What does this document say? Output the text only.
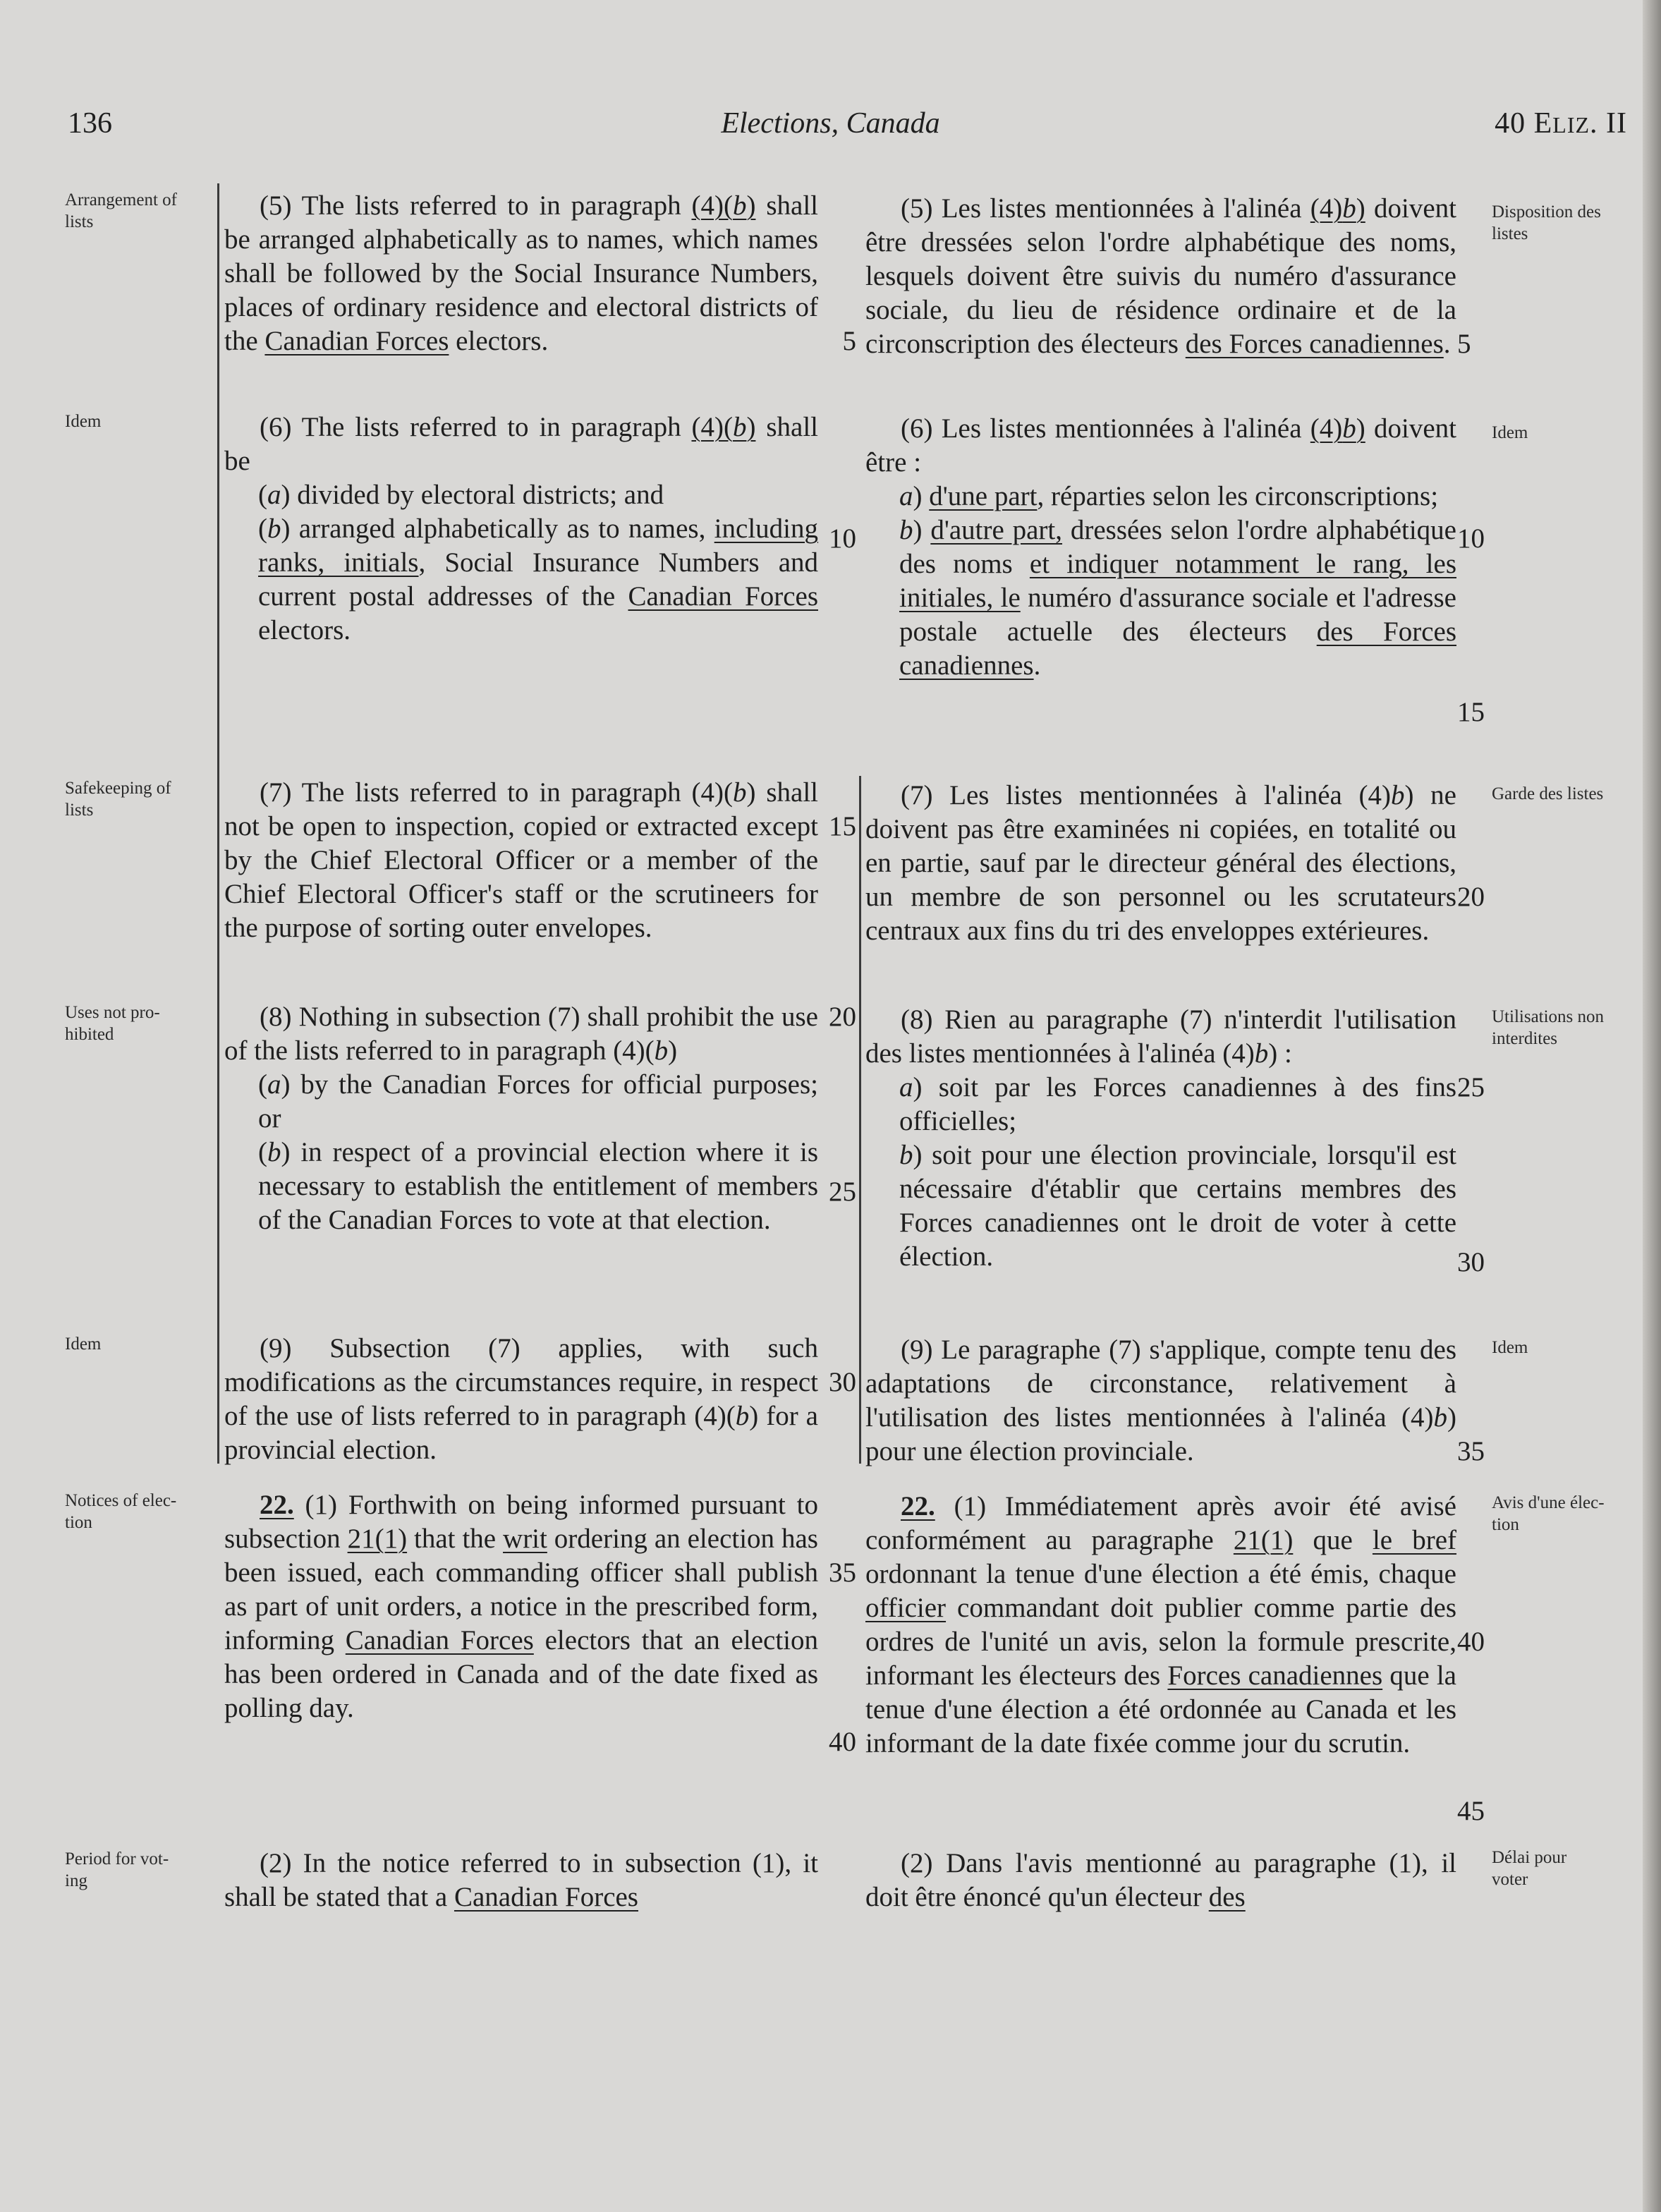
136	Elections, Canada	40 ELIZ. II
Arrangement of
lists
Idem
Safekeeping of
lists
Uses not pro-
hibited
Idem
Notices of elec-
tion
Period for vot-
ing
Disposition des
listes
Idem
Garde des listes
Utilisations non
interdites
Idem
Avis d'une élec-
tion
Délai pour
voter

(5) The lists referred to in paragraph (4)(b) shall be arranged alphabetically as to names, which names shall be followed by the Social Insurance Numbers, places of ordinary residence and electoral districts of the Canadian Forces electors.

(6) The lists referred to in paragraph (4)(b) shall be

(a) divided by electoral districts; and

(b) arranged alphabetically as to names, including ranks, initials, Social Insurance Numbers and current postal addresses of the Canadian Forces electors.

(7) The lists referred to in paragraph (4)(b) shall not be open to inspection, copied or extracted except by the Chief Electoral Officer or a member of the Chief Electoral Officer's staff or the scrutineers for the purpose of sorting outer envelopes.

(8) Nothing in subsection (7) shall prohibit the use of the lists referred to in paragraph (4)(b)

(a) by the Canadian Forces for official purposes; or

(b) in respect of a provincial election where it is necessary to establish the entitlement of members of the Canadian Forces to vote at that election.

(9) Subsection (7) applies, with such modifications as the circumstances require, in respect of the use of lists referred to in paragraph (4)(b) for a provincial election.

22. (1) Forthwith on being informed pursuant to subsection 21(1) that the writ ordering an election has been issued, each commanding officer shall publish as part of unit orders, a notice in the prescribed form, informing Canadian Forces electors that an election has been ordered in Canada and of the date fixed as polling day.

(2) In the notice referred to in subsection (1), it shall be stated that a Canadian Forces

(5) Les listes mentionnées à l'alinéa (4)b) doivent être dressées selon l'ordre alphabétique des noms, lesquels doivent être suivis du numéro d'assurance sociale, du lieu de résidence ordinaire et de la circonscription des électeurs des Forces canadiennes.

(6) Les listes mentionnées à l'alinéa (4)b) doivent être :

a) d'une part, réparties selon les circonscriptions;

b) d'autre part, dressées selon l'ordre alphabétique des noms et indiquer notamment le rang, les initiales, le numéro d'assurance sociale et l'adresse postale actuelle des électeurs des Forces canadiennes.

(7) Les listes mentionnées à l'alinéa (4)b) ne doivent pas être examinées ni copiées, en totalité ou en partie, sauf par le directeur général des élections, un membre de son personnel ou les scrutateurs centraux aux fins du tri des enveloppes extérieures.

(8) Rien au paragraphe (7) n'interdit l'utilisation des listes mentionnées à l'alinéa (4)b) :

a) soit par les Forces canadiennes à des fins officielles;

b) soit pour une élection provinciale, lorsqu'il est nécessaire d'établir que certains membres des Forces canadiennes ont le droit de voter à cette élection.

(9) Le paragraphe (7) s'applique, compte tenu des adaptations de circonstance, relativement à l'utilisation des listes mentionnées à l'alinéa (4)b) pour une élection provinciale.

22. (1) Immédiatement après avoir été avisé conformément au paragraphe 21(1) que le bref ordonnant la tenue d'une élection a été émis, chaque officier commandant doit publier comme partie des ordres de l'unité un avis, selon la formule prescrite, informant les électeurs des Forces canadiennes que la tenue d'une élection a été ordonnée au Canada et les informant de la date fixée comme jour du scrutin.

(2) Dans l'avis mentionné au paragraphe (1), il doit être énoncé qu'un électeur des

5
10
15
20
25
30
35
40
5
10
15
20
25
30
35
40
45
